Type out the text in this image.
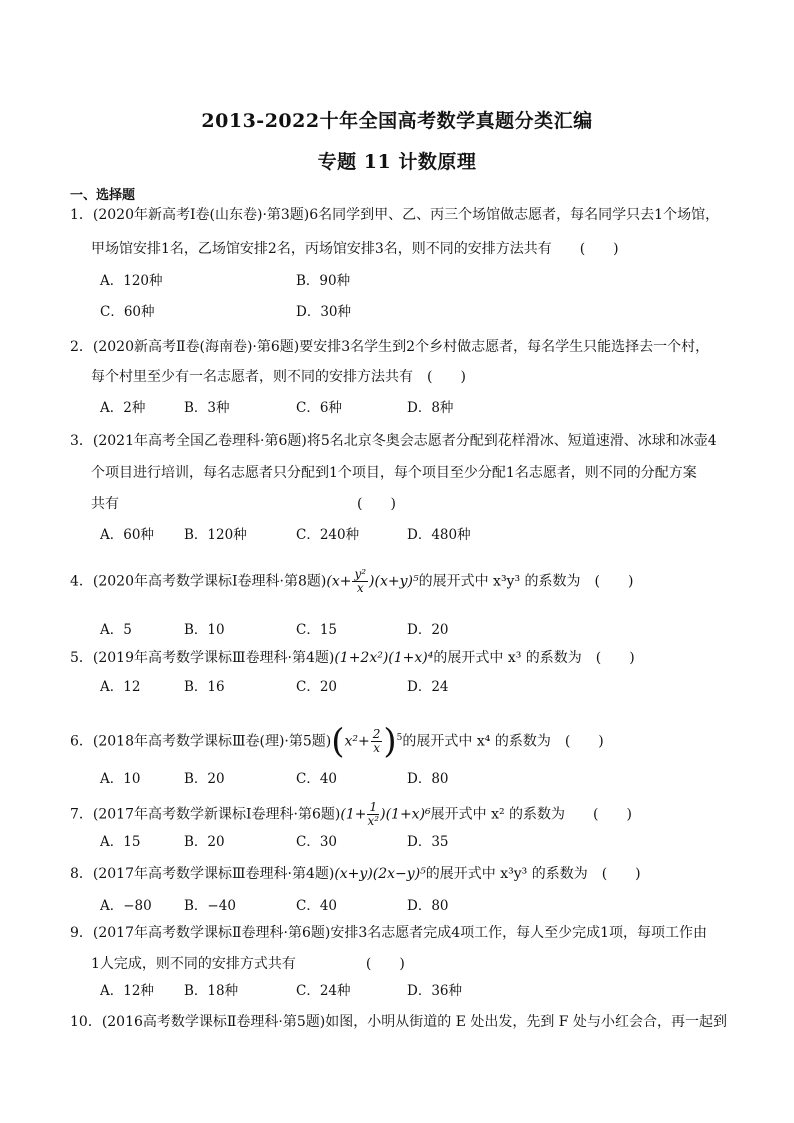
2013-2022十年全国高考数学真题分类汇编
专题 11 计数原理
一、选择题
1．(2020年新高考Ⅰ卷(山东卷)·第3题)6名同学到甲、乙、丙三个场馆做志愿者，每名同学只去1个场馆，
甲场馆安排1名，乙场馆安排2名，丙场馆安排3名，则不同的安排方法共有　　(　　)
A．120种	B．90种
C．60种	D．30种
2．(2020新高考Ⅱ卷(海南卷)·第6题)要安排3名学生到2个乡村做志愿者，每名学生只能选择去一个村，
每个村里至少有一名志愿者，则不同的安排方法共有　(　　)
A．2种	B．3种	C．6种	D．8种
3．(2021年高考全国乙卷理科·第6题)将5名北京冬奥会志愿者分配到花样滑冰、短道速滑、冰球和冰壶4
个项目进行培训，每名志愿者只分配到1个项目，每个项目至少分配1名志愿者，则不同的分配方案
共有　　　　　　　　　　　　　　　　　(　　)
A．60种 B．120种	C．240种	D．480种
4．(2020年高考数学课标Ⅰ卷理科·第8题)$(x+ \frac{\text{y²}}{x} )(x+y)^5$的展开式中 x³y³ 的系数为　(　　)
A．5	B．10	C．15	D．20
5．(2019年高考数学课标Ⅲ卷理科·第4题)(1+2x²)(1+x)⁴的展开式中 x³ 的系数为　(　　)
A．12	B．16	C．20	D．24
6．(2018年高考数学课标Ⅲ卷(理)·第5题)$(x^2+ \frac{2}{x} )^5$的展开式中 x⁴ 的系数为　(　　)
A．10	B．20	C．40	D．80
7．(2017年高考数学新课标Ⅰ卷理科·第6题)$(1+ \frac{1}{\text{x²}} )(1+x)^6$展开式中 x² 的系数为　　(　　)
A．15	B．20	C．30	D．35
8．(2017年高考数学课标Ⅲ卷理科·第4题)(x+y)(2x−y)⁵的展开式中 x³y³ 的系数为　(　　)
A．−80 B．−40	C．40	D．80
9．(2017年高考数学课标Ⅱ卷理科·第6题)安排3名志愿者完成4项工作，每人至少完成1项，每项工作由
1人完成，则不同的安排方式共有　　　　　(　　)
A．12种 B．18种	C．24种	D．36种
10．(2016高考数学课标Ⅱ卷理科·第5题)如图，小明从街道的 E 处出发，先到 F 处与小红会合，再一起到
